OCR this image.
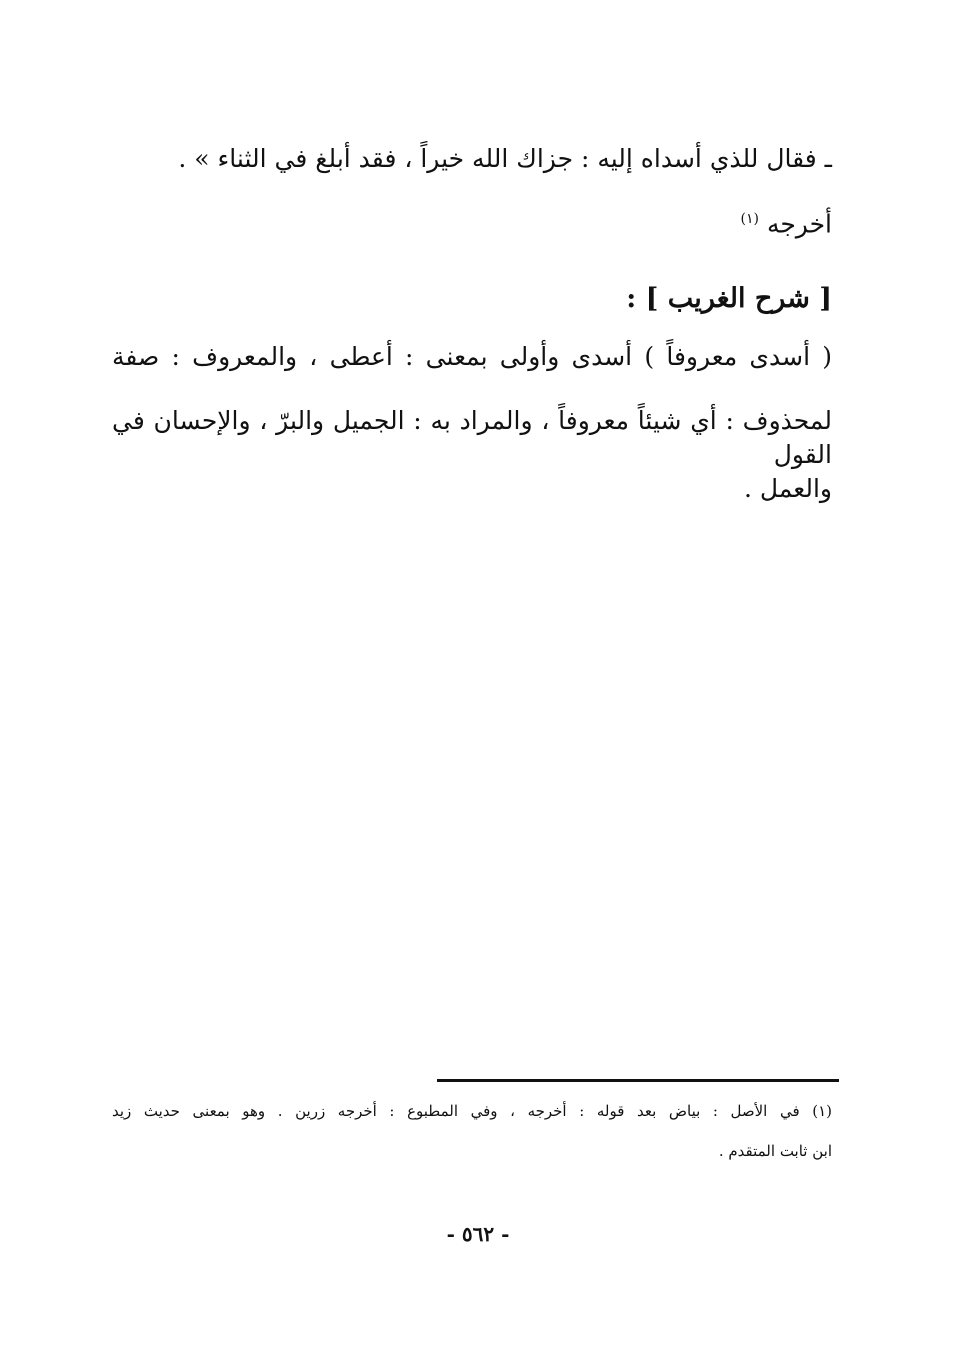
ـ فقال للذي أسداه إليه : جزاك الله خيراً ، فقد أبلغ في الثناء » .
أخرجه $^{(١)}$
[ شرح الغريب ] :
( أسدى معروفاً ) أسدى وأولى بمعنى : أعطى ، والمعروف : صفة
لمحذوف : أي شيئاً معروفاً ، والمراد به : الجميل والبرّ ، والإحسان في القول
والعمل .
(١) في الأصل : بياض بعد قوله : أخرجه ، وفي المطبوع : أخرجه زرين . وهو بمعنى حديث زيد
ابن ثابت المتقدم .
- ٥٦٢ -
